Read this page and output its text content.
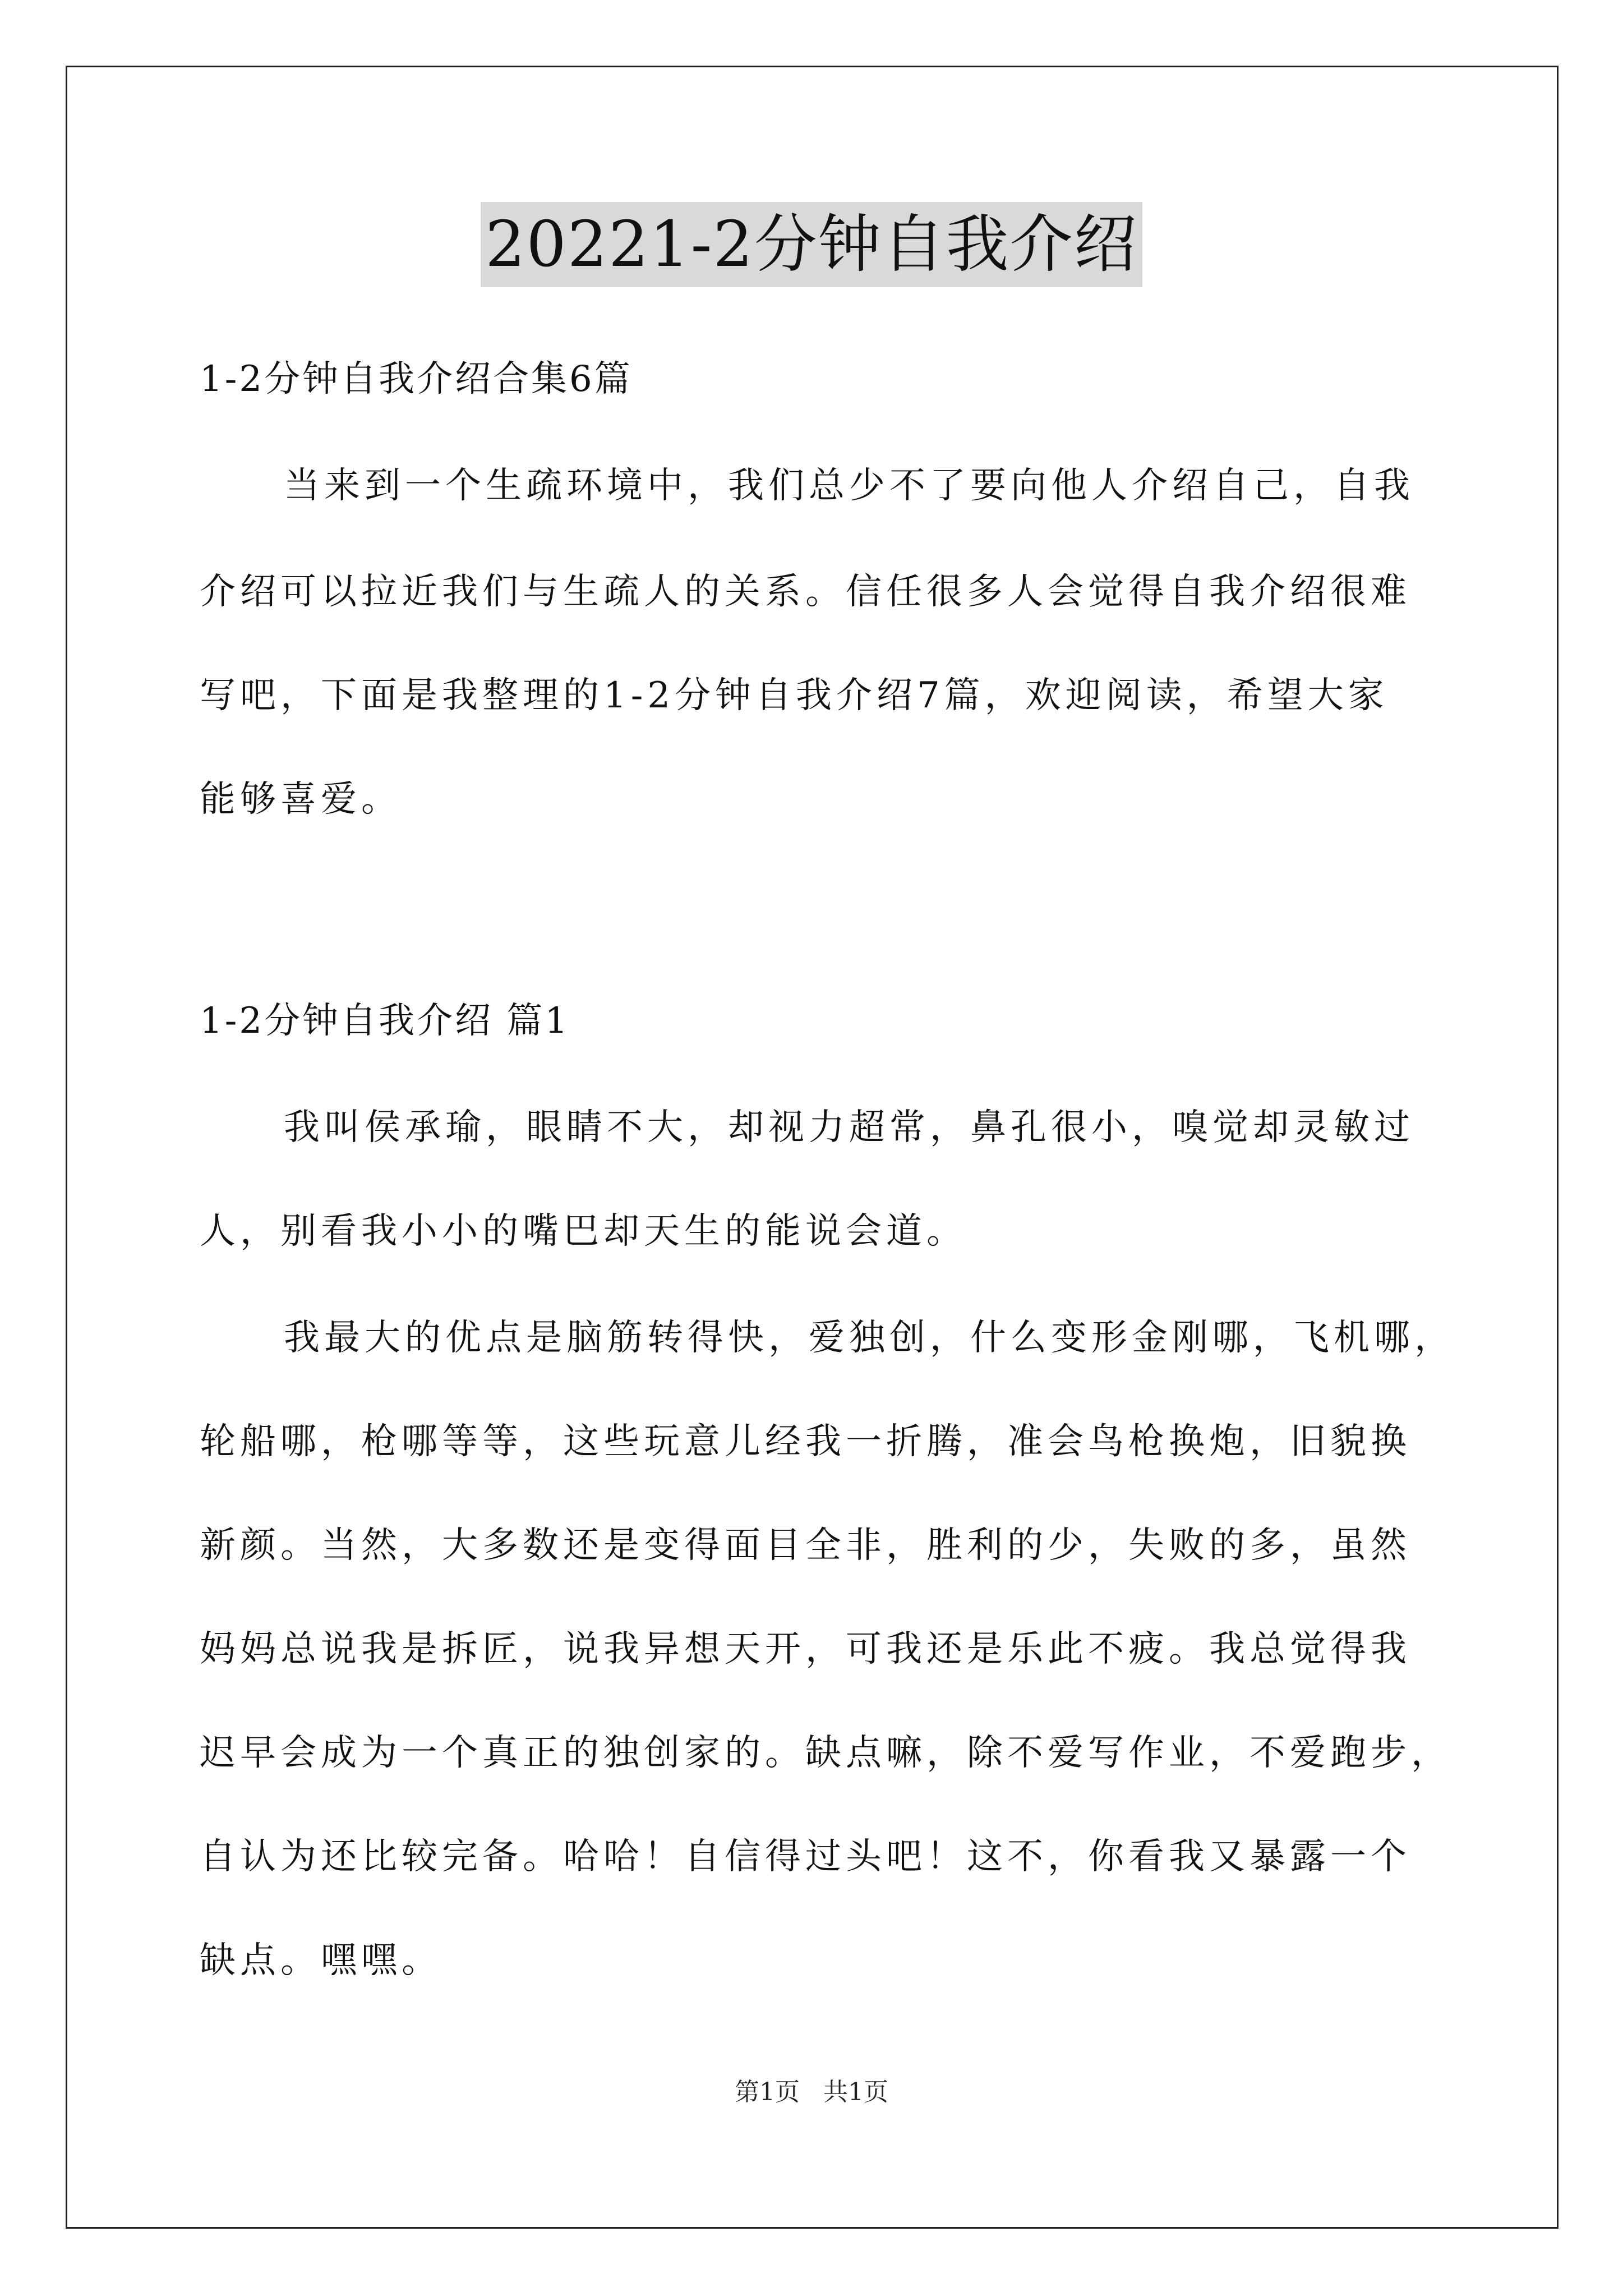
20221-2分钟自我介绍
1-2分钟自我介绍合集6篇
当来到一个生疏环境中，我们总少不了要向他人介绍自己，自我
介绍可以拉近我们与生疏人的关系。信任很多人会觉得自我介绍很难
写吧，下面是我整理的1-2分钟自我介绍7篇，欢迎阅读，希望大家
能够喜爱。
1-2分钟自我介绍 篇1
我叫侯承瑜，眼睛不大，却视力超常，鼻孔很小，嗅觉却灵敏过
人，别看我小小的嘴巴却天生的能说会道。
我最大的优点是脑筋转得快，爱独创，什么变形金刚哪，飞机哪，
轮船哪，枪哪等等，这些玩意儿经我一折腾，准会鸟枪换炮，旧貌换
新颜。当然，大多数还是变得面目全非，胜利的少，失败的多，虽然
妈妈总说我是拆匠，说我异想天开，可我还是乐此不疲。我总觉得我
迟早会成为一个真正的独创家的。缺点嘛，除不爱写作业，不爱跑步，
自认为还比较完备。哈哈！自信得过头吧！这不，你看我又暴露一个
缺点。嘿嘿。
第1页 共1页
